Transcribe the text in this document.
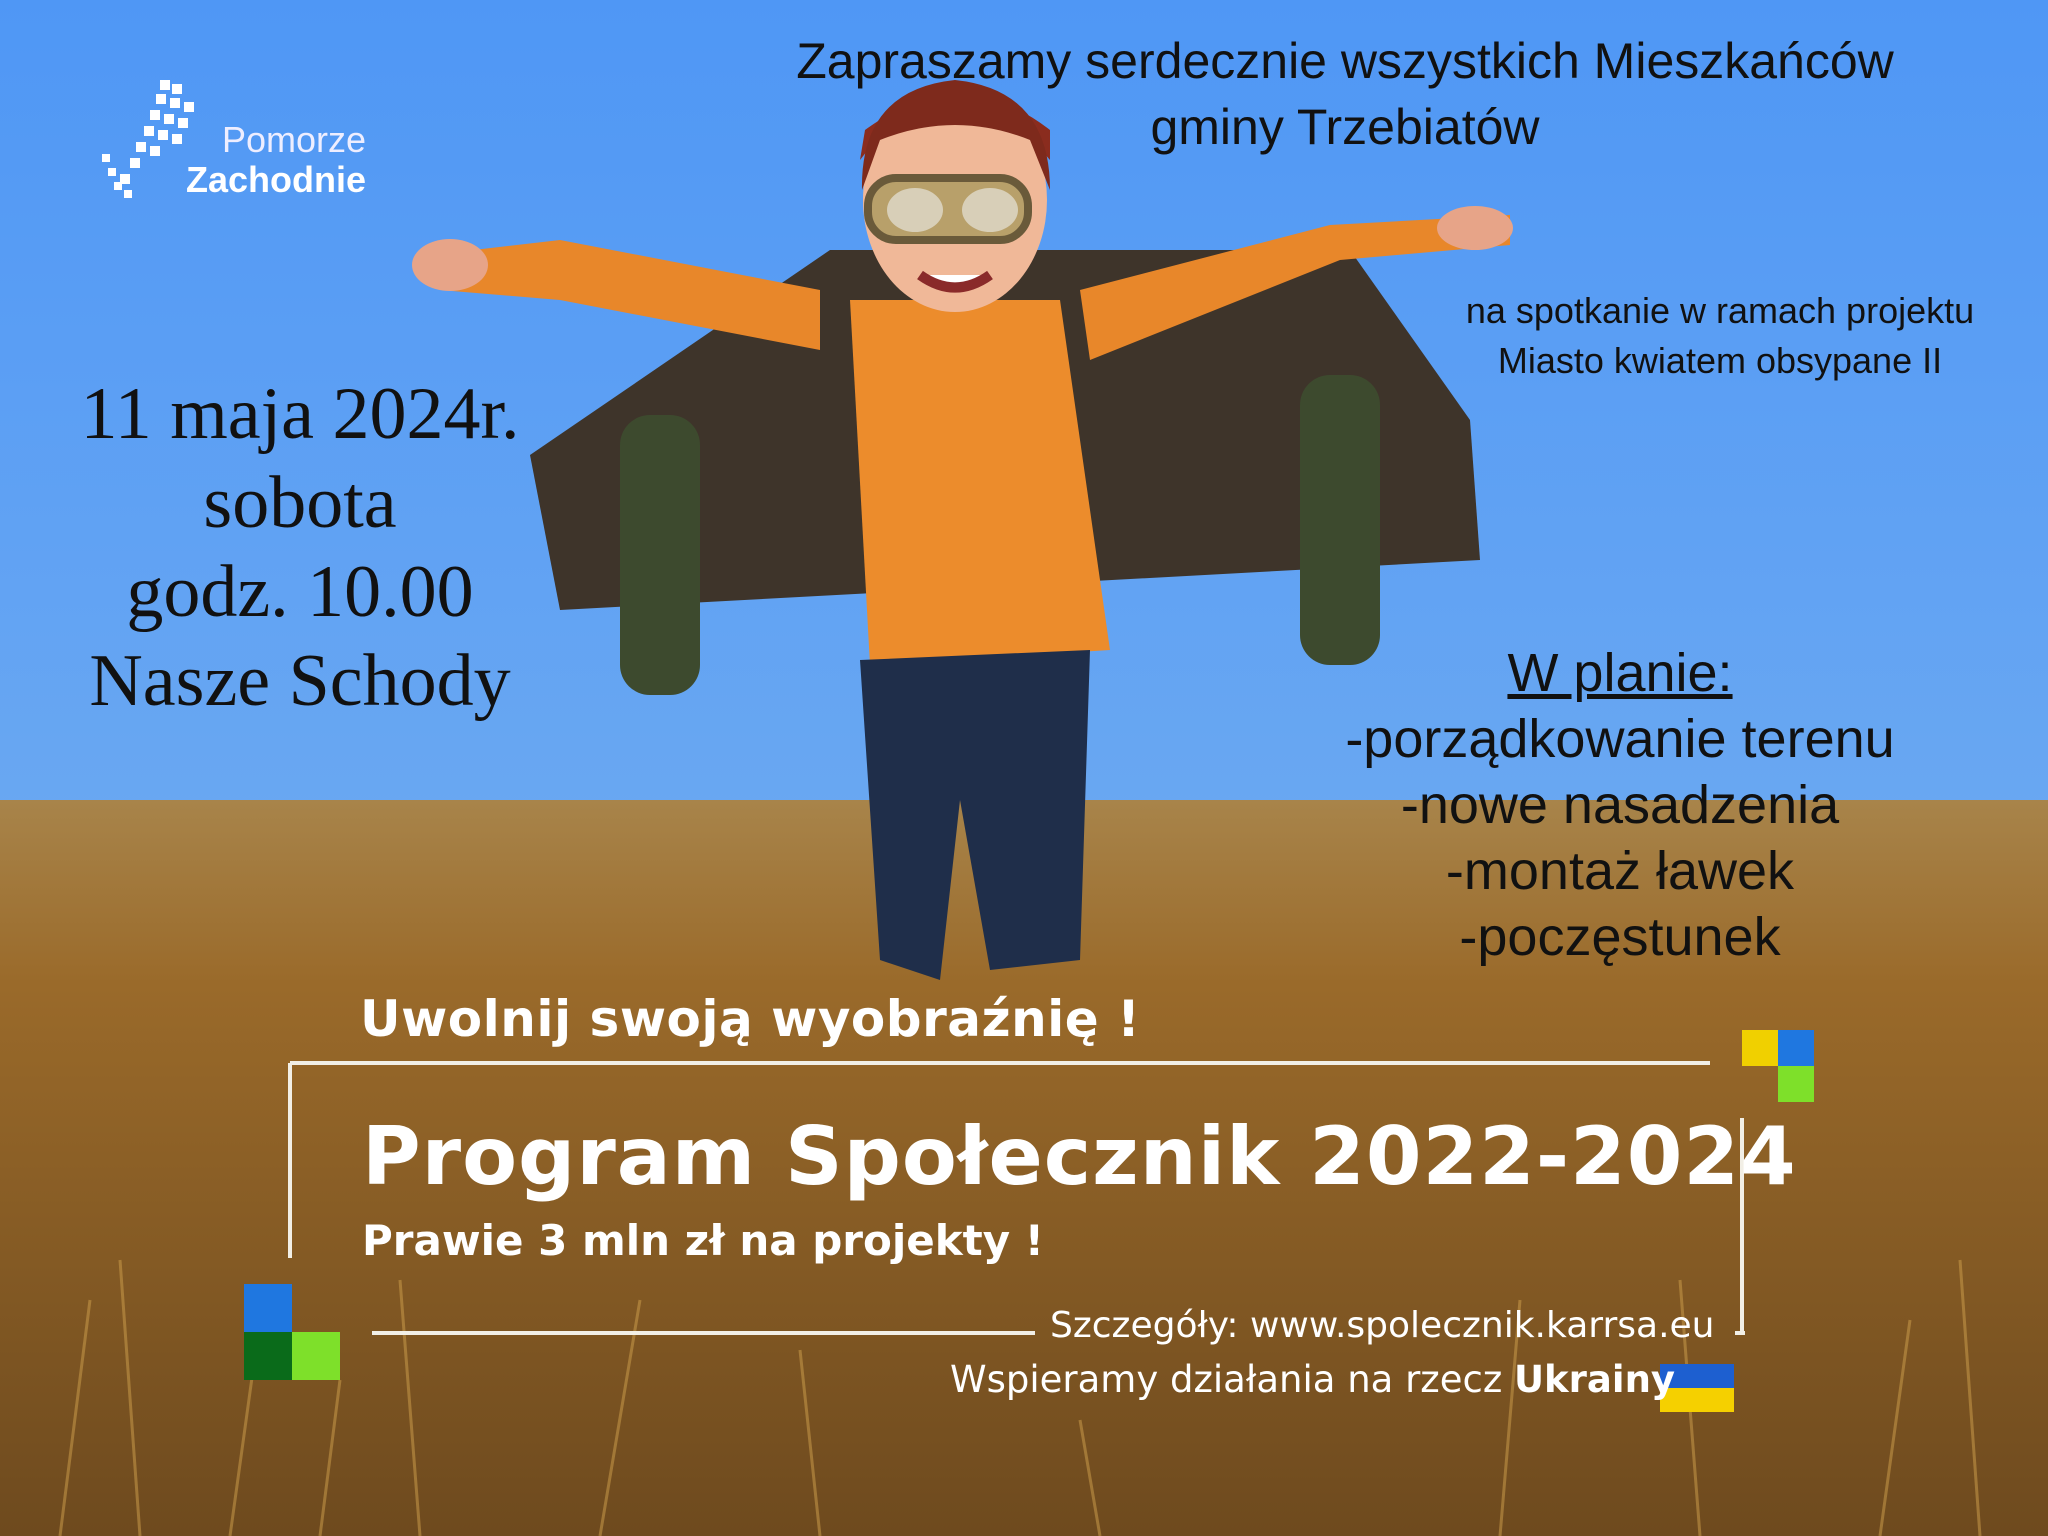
Pomorze
Zachodnie
Zapraszamy serdecznie wszystkich Mieszkańców
gminy Trzebiatów
na spotkanie w ramach projektu
Miasto kwiatem obsypane II
11 maja 2024r.
sobota
godz. 10.00
Nasze Schody	W planie:
-porządkowanie terenu
-nowe nasadzenia
-montaż ławek
-poczęstunek
Uwolnij swoją wyobraźnię !
Program Społecznik 2022-2024
Prawie 3 mln zł na projekty !
Szczegóły: www.spolecznik.karrsa.eu
Wspieramy działania na rzecz Ukrainy
